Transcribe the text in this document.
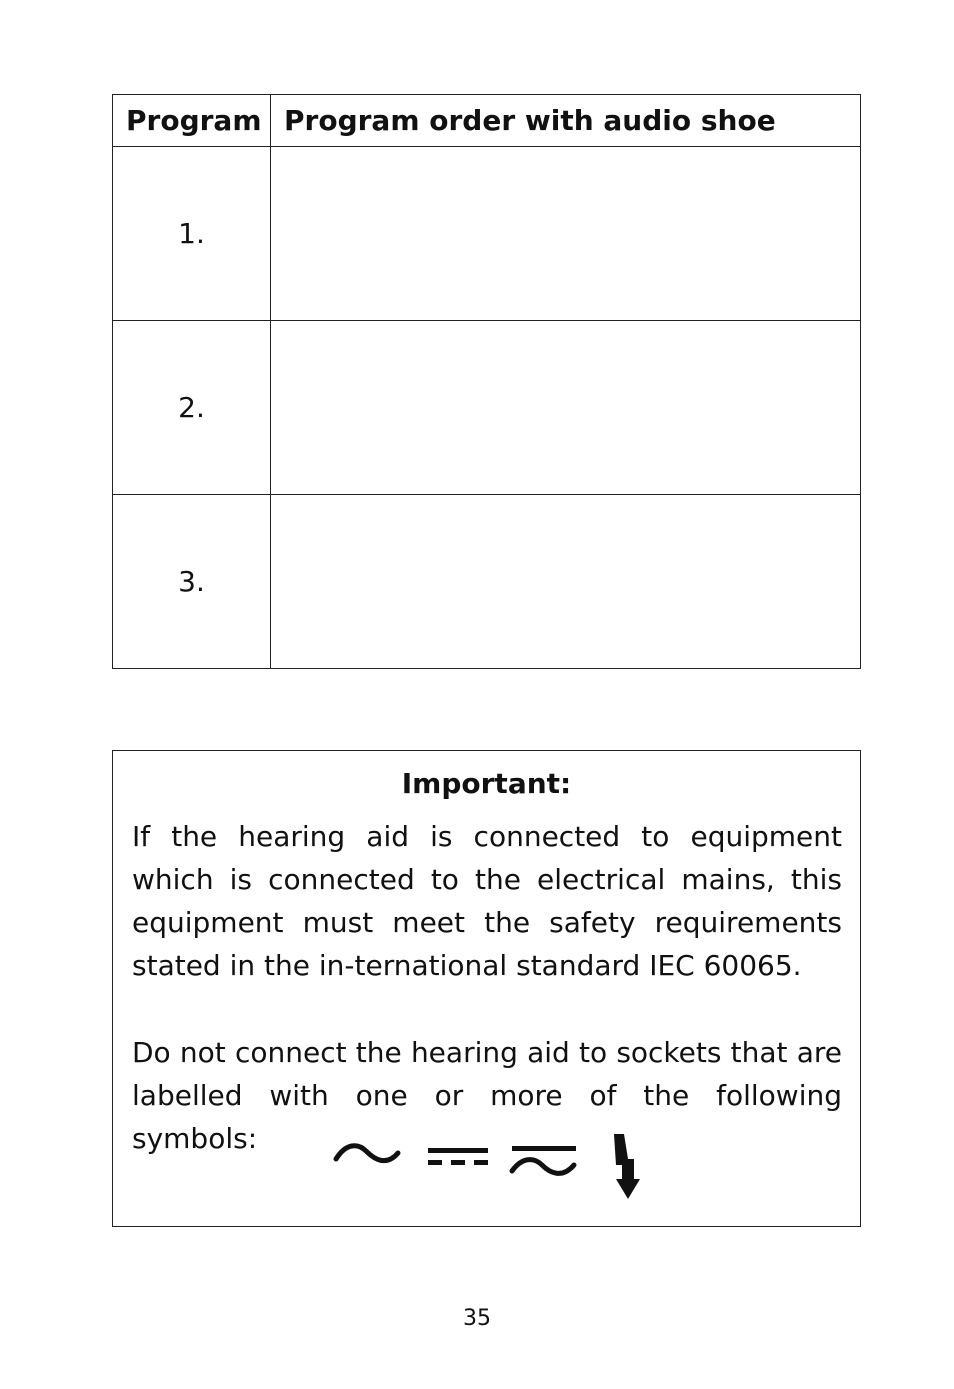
Program	Program order with audio shoe
1.	
2.	
3.	
Important:

If the hearing aid is connected to equipment which is connected to the electrical mains, this equipment must meet the safety requirements stated in the in-ternational standard IEC 60065.

Do not connect the hearing aid to sockets that are labelled with one or more of the following symbols:

35
